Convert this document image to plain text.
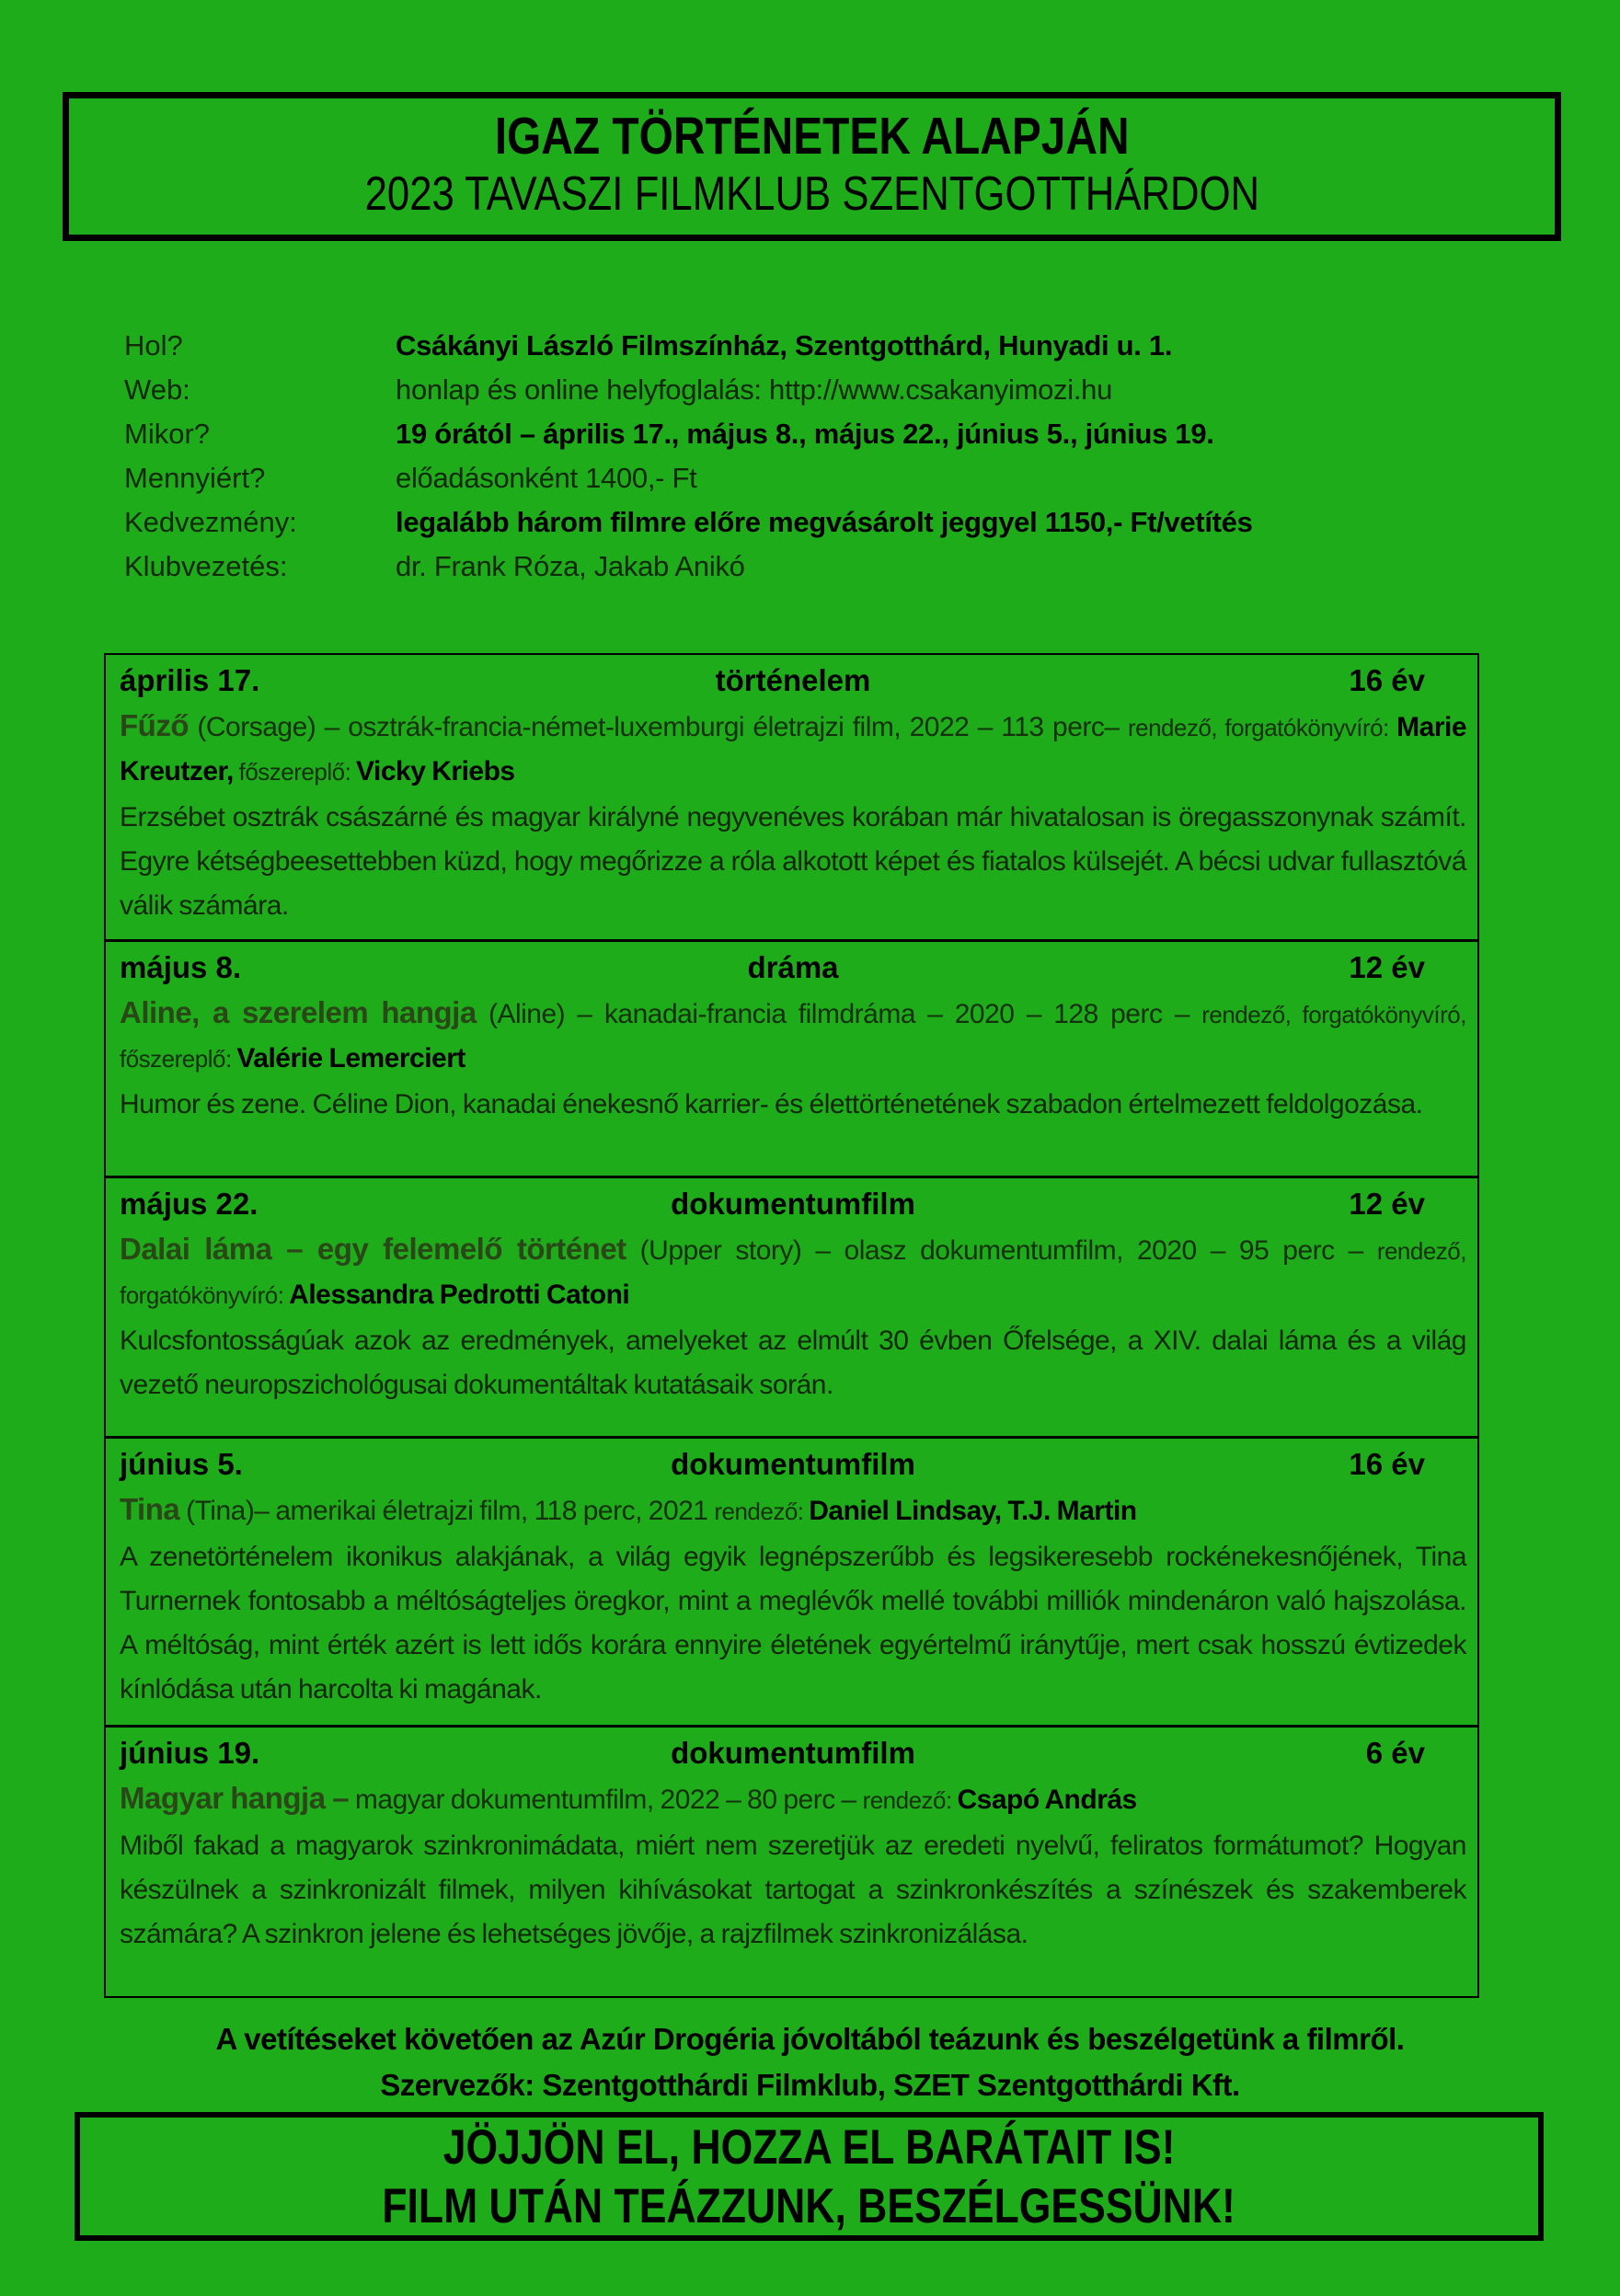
IGAZ TÖRTÉNETEK ALAPJÁN
2023 TAVASZI FILMKLUB SZENTGOTTHÁRDON
Hol?	Csákányi László Filmszínház, Szentgotthárd, Hunyadi u. 1.
Web:	honlap és online helyfoglalás: http://www.csakanyimozi.hu
Mikor?	19 órától – április 17., május 8., május 22., június 5., június 19.
Mennyiért?	előadásonként 1400,- Ft
Kedvezmény:	legalább három filmre előre megvásárolt jeggyel 1150,- Ft/vetítés
Klubvezetés:	dr. Frank Róza, Jakab Anikó
április 17.	történelem	16 év

Fűző (Corsage) – osztrák-francia-német-luxemburgi életrajzi film, 2022 – 113 perc– rendező, forgatókönyvíró: Marie Kreutzer, főszereplő: Vicky Kriebs

Erzsébet osztrák császárné és magyar királyné negyvenéves korában már hivatalosan is öregasszonynak számít. Egyre kétségbeesettebben küzd, hogy megőrizze a róla alkotott képet és fiatalos külsejét. A bécsi udvar fullasztóvá válik számára.

május 8.	dráma	12 év

Aline, a szerelem hangja (Aline) – kanadai-francia filmdráma – 2020 – 128 perc – rendező, forgatókönyvíró, főszereplő: Valérie Lemerciert

Humor és zene. Céline Dion, kanadai énekesnő karrier- és élettörténetének szabadon értelmezett feldolgozása.

május 22.	dokumentumfilm	12 év

Dalai láma – egy felemelő történet (Upper story) – olasz dokumentumfilm, 2020 – 95 perc – rendező, forgatókönyvíró: Alessandra Pedrotti Catoni

Kulcsfontosságúak azok az eredmények, amelyeket az elmúlt 30 évben Őfelsége, a XIV. dalai láma és a világ vezető neuropszichológusai dokumentáltak kutatásaik során.

június 5.	dokumentumfilm	16 év

Tina (Tina)– amerikai életrajzi film, 118 perc, 2021 rendező: Daniel Lindsay, T.J. Martin

A zenetörténelem ikonikus alakjának, a világ egyik legnépszerűbb és legsikeresebb rockénekesnőjének, Tina Turnernek fontosabb a méltóságteljes öregkor, mint a meglévők mellé további milliók mindenáron való hajszolása. A méltóság, mint érték azért is lett idős korára ennyire életének egyértelmű iránytűje, mert csak hosszú évtizedek kínlódása után harcolta ki magának.

június 19.	dokumentumfilm	6 év

Magyar hangja – magyar dokumentumfilm, 2022 – 80 perc – rendező: Csapó András

Miből fakad a magyarok szinkronimádata, miért nem szeretjük az eredeti nyelvű, feliratos formátumot? Hogyan készülnek a szinkronizált filmek, milyen kihívásokat tartogat a szinkronkészítés a színészek és szakemberek számára? A szinkron jelene és lehetséges jövője, a rajzfilmek szinkronizálása.

A vetítéseket követően az Azúr Drogéria jóvoltából teázunk és beszélgetünk a filmről.
Szervezők: Szentgotthárdi Filmklub, SZET Szentgotthárdi Kft.
JÖJJÖN EL, HOZZA EL BARÁTAIT IS!
FILM UTÁN TEÁZZUNK, BESZÉLGESSÜNK!
